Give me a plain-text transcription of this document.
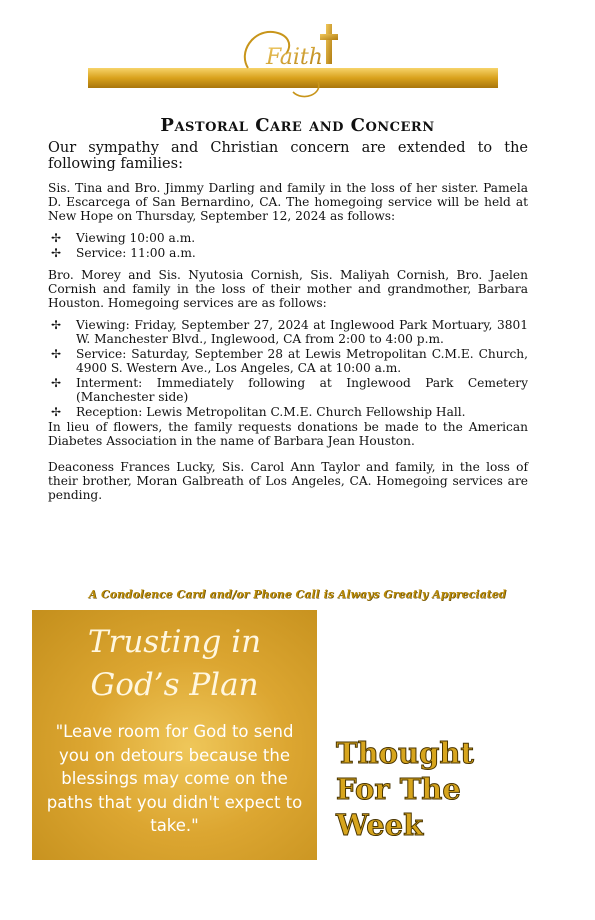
Faith
Pastoral Care and Concern

Our sympathy and Christian concern are extended to the following families:

Sis. Tina and Bro. Jimmy Darling and family in the loss of her sister. Pamela D. Escarcega of San Bernardino, CA. The homegoing service will be held at New Hope on Thursday, September 12, 2024 as follows:

✢ Viewing 10:00 a.m.
✢ Service: 11:00 a.m.

Bro. Morey and Sis. Nyutosia Cornish, Sis. Maliyah Cornish, Bro. Jaelen Cornish and family in the loss of their mother and grandmother, Barbara Houston. Homegoing services are as follows:

✢ Viewing: Friday, September 27, 2024 at Inglewood Park Mortuary, 3801 W. Manchester Blvd., Inglewood, CA from 2:00 to 4:00 p.m.
✢ Service: Saturday, September 28 at Lewis Metropolitan C.M.E. Church, 4900 S. Western Ave., Los Angeles, CA at 10:00 a.m.
✢ Interment: Immediately following at Inglewood Park Cemetery (Manchester side)
✢ Reception: Lewis Metropolitan C.M.E. Church Fellowship Hall.

In lieu of flowers, the family requests donations be made to the American Diabetes Association in the name of Barbara Jean Houston.

Deaconess Frances Lucky, Sis. Carol Ann Taylor and family, in the loss of their brother, Moran Galbreath of Los Angeles, CA. Homegoing services are pending.

A Condolence Card and/or Phone Call is Always Greatly Appreciated
Trusting in
God’s Plan
"Leave room for God to send you on detours because the blessings may come on the paths that you didn't expect to take."
Thought
For The
Week
